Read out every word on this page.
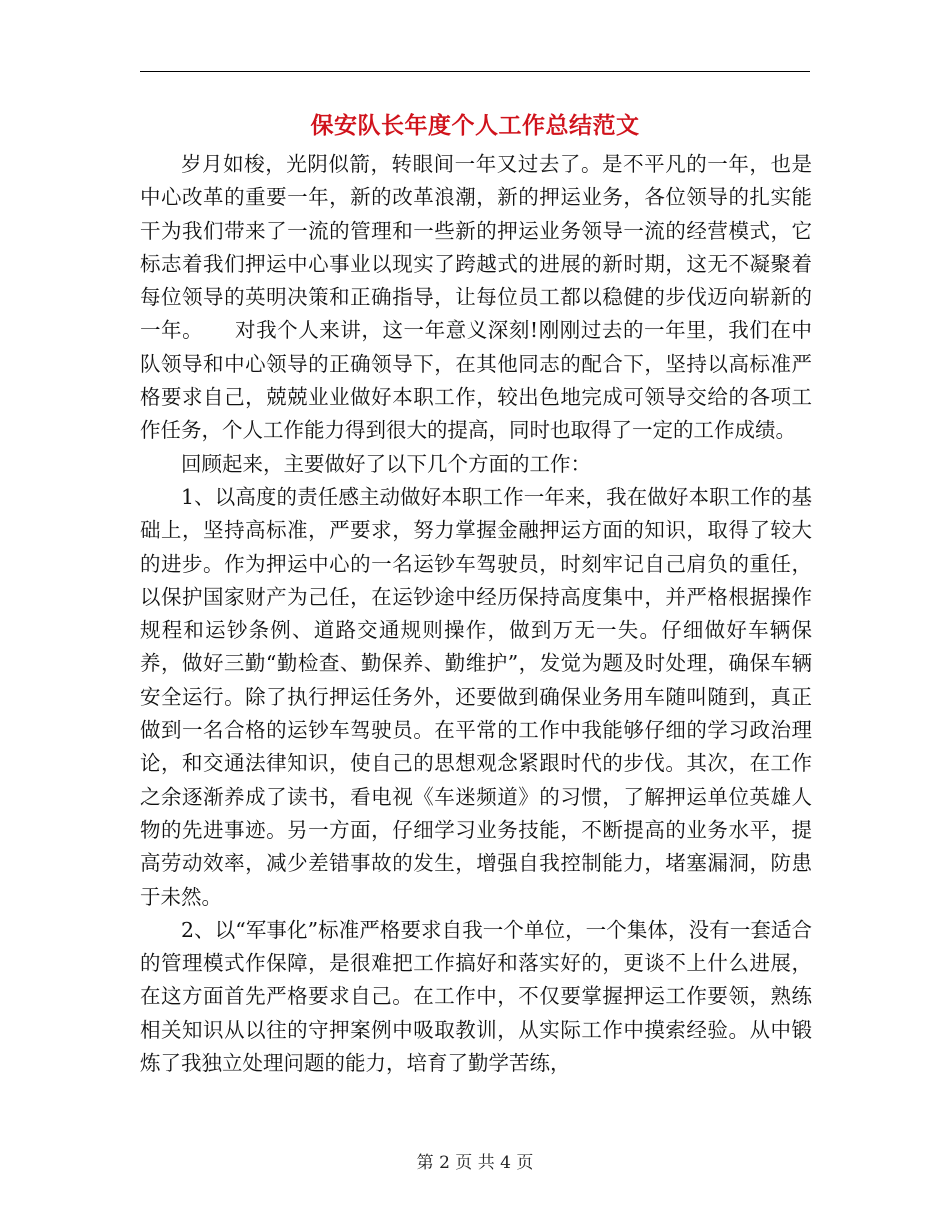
保安队长年度个人工作总结范文

岁月如梭，光阴似箭，转眼间一年又过去了。是不平凡的一年，也是中心改革的重要一年，新的改革浪潮，新的押运业务，各位领导的扎实能干为我们带来了一流的管理和一些新的押运业务领导一流的经营模式，它标志着我们押运中心事业以现实了跨越式的进展的新时期，这无不凝聚着每位领导的英明决策和正确指导，让每位员工都以稳健的步伐迈向崭新的一年。　　对我个人来讲，这一年意义深刻!刚刚过去的一年里，我们在中队领导和中心领导的正确领导下，在其他同志的配合下，坚持以高标准严格要求自己，兢兢业业做好本职工作，较出色地完成可领导交给的各项工作任务，个人工作能力得到很大的提高，同时也取得了一定的工作成绩。

回顾起来，主要做好了以下几个方面的工作：

1、以高度的责任感主动做好本职工作一年来，我在做好本职工作的基础上，坚持高标准，严要求，努力掌握金融押运方面的知识，取得了较大的进步。作为押运中心的一名运钞车驾驶员，时刻牢记自己肩负的重任，以保护国家财产为己任，在运钞途中经历保持高度集中，并严格根据操作规程和运钞条例、道路交通规则操作，做到万无一失。仔细做好车辆保养，做好三勤“勤检查、勤保养、勤维护”，发觉为题及时处理，确保车辆安全运行。除了执行押运任务外，还要做到确保业务用车随叫随到，真正做到一名合格的运钞车驾驶员。在平常的工作中我能够仔细的学习政治理论，和交通法律知识，使自己的思想观念紧跟时代的步伐。其次，在工作之余逐渐养成了读书，看电视《车迷频道》的习惯，了解押运单位英雄人物的先进事迹。另一方面，仔细学习业务技能，不断提高的业务水平，提高劳动效率，减少差错事故的发生，增强自我控制能力，堵塞漏洞，防患于未然。

2、以“军事化”标准严格要求自我一个单位，一个集体，没有一套适合的管理模式作保障，是很难把工作搞好和落实好的，更谈不上什么进展，在这方面首先严格要求自己。在工作中，不仅要掌握押运工作要领，熟练相关知识从以往的守押案例中吸取教训，从实际工作中摸索经验。从中锻炼了我独立处理问题的能力，培育了勤学苦练，

第 2 页 共 4 页
